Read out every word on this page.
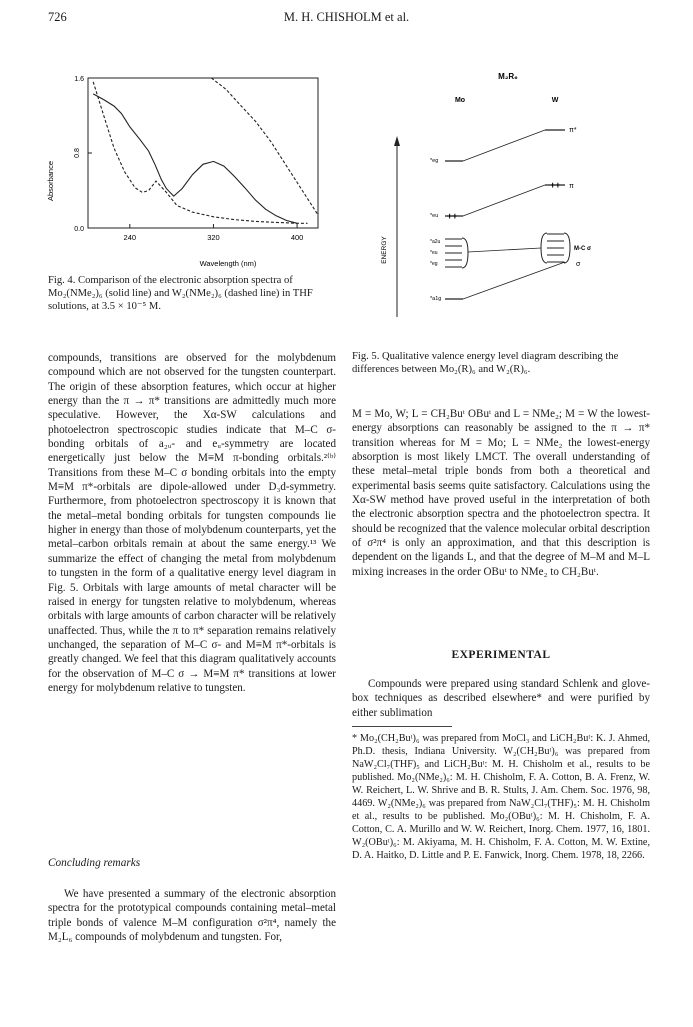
726	M. H. CHISHOLM et al.
240	320	400
1.6
0.8
0.0
Absorbance
Wavelength (nm)
Fig. 4. Comparison of the electronic absorption spectra of Mo₂(NMe₂)₆ (solid line) and W₂(NMe₂)₆ (dashed line) in THF solutions, at 3.5 × 10⁻⁵ M.
M₂R₆
Mo	W
ENERGY
π*
++ π
*eg
*eu ++
*a2u
*eu
*eg
M-C σ
σ
*a1g
Fig. 5. Qualitative valence energy level diagram describing the differences between Mo₂(R)₆ and W₂(R)₆.

compounds, transitions are observed for the molybdenum compound which are not observed for the tungsten counterpart. The origin of these absorption features, which occur at higher energy than the π → π* transitions are admittedly much more speculative. However, the Xα-SW calculations and photoelectron spectroscopic studies indicate that M–C σ-bonding orbitals of a₂ᵤ- and eᵤ-symmetry are located energetically just below the M≡M π-bonding orbitals.²⁽ᵇ⁾ Transitions from these M–C σ bonding orbitals into the empty M≡M π*-orbitals are dipole-allowed under D₃d-symmetry. Furthermore, from photoelectron spectroscopy it is known that the metal–metal bonding orbitals for tungsten compounds lie higher in energy than those of molybdenum counterparts, yet the metal–carbon orbitals remain at about the same energy.¹³ We summarize the effect of changing the metal from molybdenum to tungsten in the form of a qualitative energy level diagram in Fig. 5. Orbitals with large amounts of metal character will be raised in energy for tungsten relative to molybdenum, whereas orbitals with large amounts of carbon character will be relatively unaffected. Thus, while the π to π* separation remains relatively unchanged, the separation of M–C σ- and M≡M π*-orbitals is greatly changed. We feel that this diagram qualitatively accounts for the observation of M–C σ → M≡M π* transitions at lower energy for molybdenum relative to tungsten.

Concluding remarks
We have presented a summary of the electronic absorption spectra for the prototypical compounds containing metal–metal triple bonds of valence M–M configuration σ²π⁴, namely the M₂L₆ compounds of molybdenum and tungsten. For,
M = Mo, W; L = CH₂Buᵗ OBuᵗ and L = NMe₂; M = W the lowest-energy absorptions can reasonably be assigned to the π → π* transition whereas for M = Mo; L = NMe₂ the lowest-energy absorption is most likely LMCT. The overall understanding of these metal–metal triple bonds from both a theoretical and experimental basis seems quite satisfactory. Calculations using the Xα-SW method have proved useful in the interpretation of both the electronic absorption spectra and the photoelectron spectra. It should be recognized that the valence molecular orbital description of σ²π⁴ is only an approximation, and that this description is dependent on the ligands L, and that the degree of M–M and M–L mixing increases in the order OBuᵗ to NMe₂ to CH₂Buᵗ.
EXPERIMENTAL
Compounds were prepared using standard Schlenk and glove-box techniques as described elsewhere* and were purified by either sublimation
* Mo₂(CH₂Buᵗ)₆ was prepared from MoCl₃ and LiCH₂Buᵗ: K. J. Ahmed, Ph.D. thesis, Indiana University. W₂(CH₂Buᵗ)₆ was prepared from NaW₂Cl₇(THF)₅ and LiCH₂Buᵗ: M. H. Chisholm et al., results to be published. Mo₂(NMe₂)₆: M. H. Chisholm, F. A. Cotton, B. A. Frenz, W. W. Reichert, L. W. Shrive and B. R. Stults, J. Am. Chem. Soc. 1976, 98, 4469. W₂(NMe₂)₆ was prepared from NaW₂Cl₇(THF)₅: M. H. Chisholm et al., results to be published. Mo₂(OBuᵗ)₆: M. H. Chisholm, F. A. Cotton, C. A. Murillo and W. W. Reichert, Inorg. Chem. 1977, 16, 1801. W₂(OBuᵗ)₆: M. Akiyama, M. H. Chisholm, F. A. Cotton, M. W. Extine, D. A. Haitko, D. Little and P. E. Fanwick, Inorg. Chem. 1978, 18, 2266.
